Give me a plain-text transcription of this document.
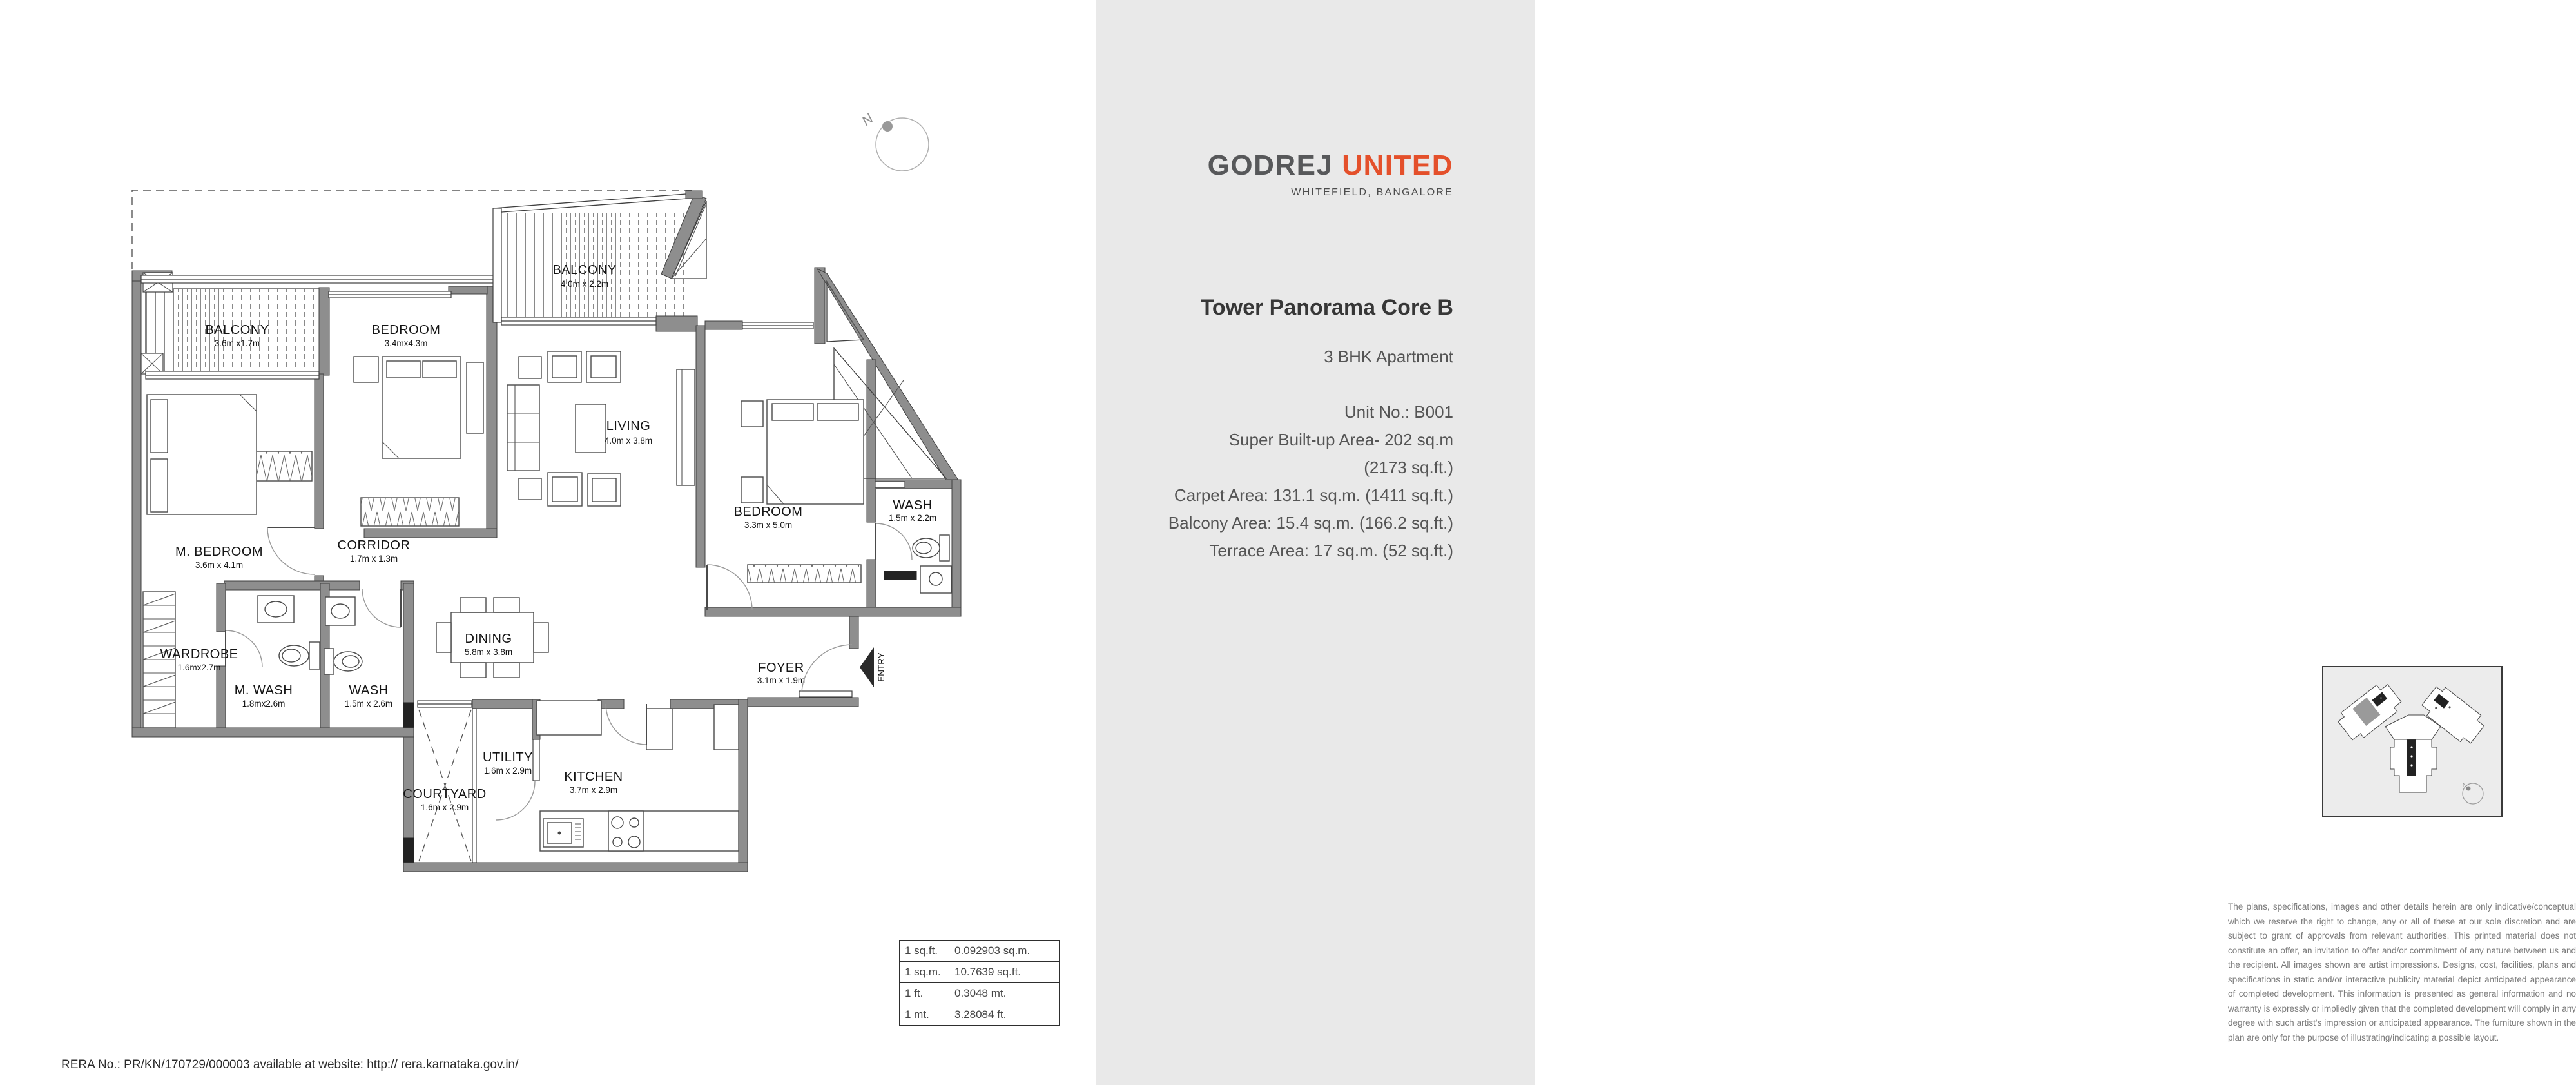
ENTRY
N
BALCONY
3.6m x1.7m
BEDROOM
3.4mx4.3m
BALCONY
4.0m x 2.2m
LIVING
4.0m x 3.8m
BEDROOM
3.3m x 5.0m
WASH
1.5m x 2.2m
M. BEDROOM
3.6m x 4.1m
CORRIDOR
1.7m x 1.3m
WARDROBE
1.6mx2.7m
M. WASH
1.8mx2.6m
WASH
1.5m x 2.6m
DINING
5.8m x 3.8m
FOYER
3.1m x 1.9m
COURTYARD
1.6m x 2.9m
UTILITY
1.6m x 2.9m	KITCHEN
3.7m x 2.9m
GODREJ UNITED
WHITEFIELD, BANGALORE
Tower Panorama Core B
3 BHK Apartment
Unit No.: B001
Super Built-up Area- 202 sq.m
(2173 sq.ft.)
Carpet Area: 131.1 sq.m. (1411 sq.ft.)
Balcony Area: 15.4 sq.m. (166.2 sq.ft.)
Terrace Area: 17 sq.m. (52 sq.ft.)
N
The plans, specifications, images and other details herein are only indicative/conceptual which we reserve the right to change, any or all of these at our sole discretion and are subject to grant of approvals from relevant authorities. This printed material does not constitute an offer, an invitation to offer and/or commitment of any nature between us and the recipient. All images shown are artist impressions. Designs, cost, facilities, plans and specifications in static and/or interactive publicity material depict anticipated appearance of completed development. This information is presented as general information and no warranty is expressly or impliedly given that the completed development will comply in any degree with such artist's impression or anticipated appearance. The furniture shown in the plan are only for the purpose of illustrating/indicating a possible layout.
1 sq.ft.	0.092903 sq.m.
1 sq.m.	10.7639 sq.ft.
1 ft.	0.3048 mt.
1 mt.	3.28084 ft.
RERA No.: PR/KN/170729/000003 available at website: http:// rera.karnataka.gov.in/
